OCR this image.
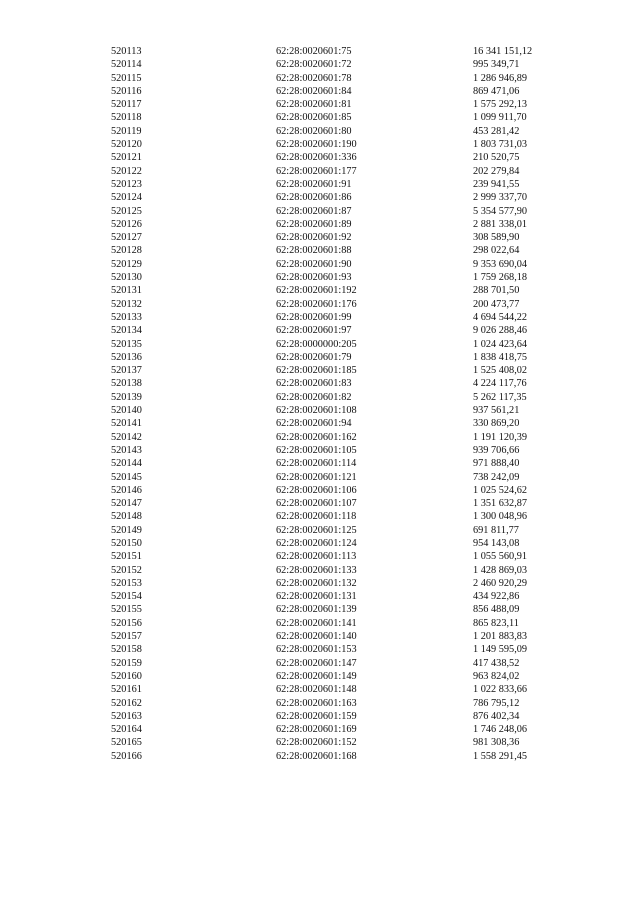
520113	62:28:0020601:75	16 341 151,12
520114	62:28:0020601:72	995 349,71
520115	62:28:0020601:78	1 286 946,89
520116	62:28:0020601:84	869 471,06
520117	62:28:0020601:81	1 575 292,13
520118	62:28:0020601:85	1 099 911,70
520119	62:28:0020601:80	453 281,42
520120	62:28:0020601:190	1 803 731,03
520121	62:28:0020601:336	210 520,75
520122	62:28:0020601:177	202 279,84
520123	62:28:0020601:91	239 941,55
520124	62:28:0020601:86	2 999 337,70
520125	62:28:0020601:87	5 354 577,90
520126	62:28:0020601:89	2 881 338,01
520127	62:28:0020601:92	308 589,90
520128	62:28:0020601:88	298 022,64
520129	62:28:0020601:90	9 353 690,04
520130	62:28:0020601:93	1 759 268,18
520131	62:28:0020601:192	288 701,50
520132	62:28:0020601:176	200 473,77
520133	62:28:0020601:99	4 694 544,22
520134	62:28:0020601:97	9 026 288,46
520135	62:28:0000000:205	1 024 423,64
520136	62:28:0020601:79	1 838 418,75
520137	62:28:0020601:185	1 525 408,02
520138	62:28:0020601:83	4 224 117,76
520139	62:28:0020601:82	5 262 117,35
520140	62:28:0020601:108	937 561,21
520141	62:28:0020601:94	330 869,20
520142	62:28:0020601:162	1 191 120,39
520143	62:28:0020601:105	939 706,66
520144	62:28:0020601:114	971 888,40
520145	62:28:0020601:121	738 242,09
520146	62:28:0020601:106	1 025 524,62
520147	62:28:0020601:107	1 351 632,87
520148	62:28:0020601:118	1 300 048,96
520149	62:28:0020601:125	691 811,77
520150	62:28:0020601:124	954 143,08
520151	62:28:0020601:113	1 055 560,91
520152	62:28:0020601:133	1 428 869,03
520153	62:28:0020601:132	2 460 920,29
520154	62:28:0020601:131	434 922,86
520155	62:28:0020601:139	856 488,09
520156	62:28:0020601:141	865 823,11
520157	62:28:0020601:140	1 201 883,83
520158	62:28:0020601:153	1 149 595,09
520159	62:28:0020601:147	417 438,52
520160	62:28:0020601:149	963 824,02
520161	62:28:0020601:148	1 022 833,66
520162	62:28:0020601:163	786 795,12
520163	62:28:0020601:159	876 402,34
520164	62:28:0020601:169	1 746 248,06
520165	62:28:0020601:152	981 308,36
520166	62:28:0020601:168	1 558 291,45
